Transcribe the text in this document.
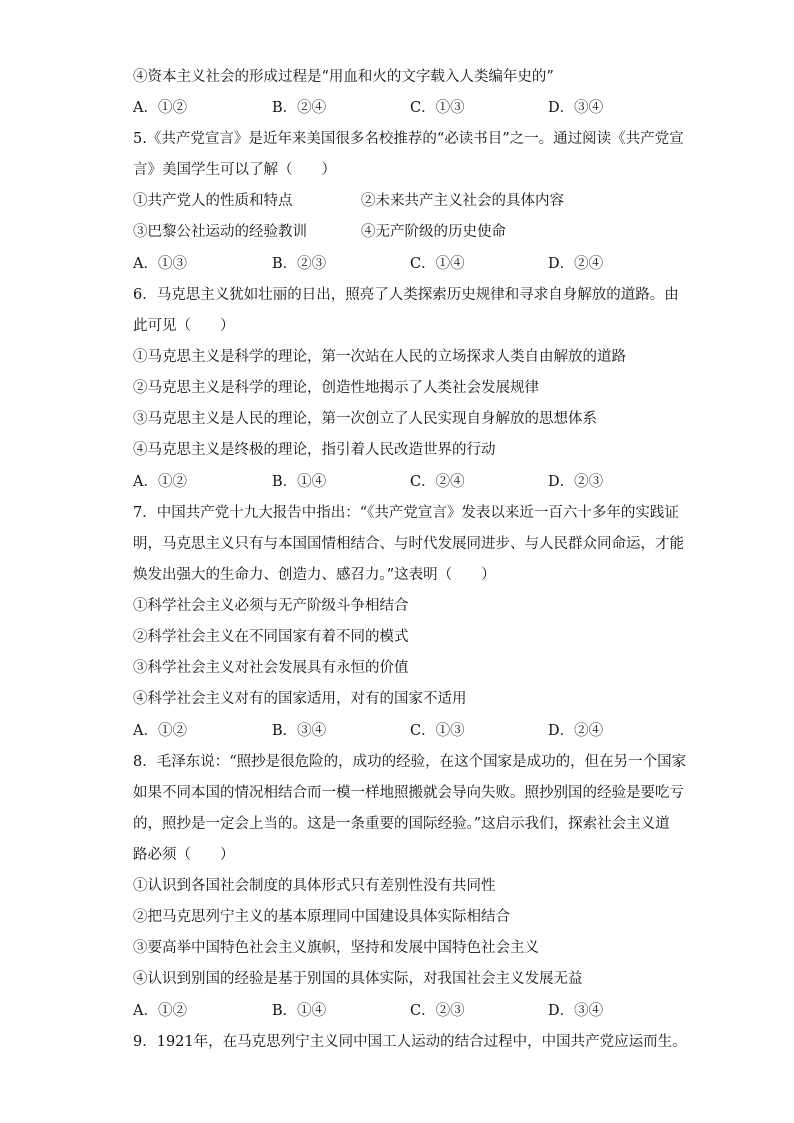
④资本主义社会的形成过程是“用血和火的文字载入人类编年史的”
A．①②	B．②④	C．①③	D．③④
5.《共产党宣言》是近年来美国很多名校推荐的“必读书目”之一。通过阅读《共产党宣
言》美国学生可以了解（　　）
①共产党人的性质和特点	②未来共产主义社会的具体内容
③巴黎公社运动的经验教训	④无产阶级的历史使命
A．①③	B．②③	C．①④	D．②④
6．马克思主义犹如壮丽的日出，照亮了人类探索历史规律和寻求自身解放的道路。由
此可见（　　）
①马克思主义是科学的理论，第一次站在人民的立场探求人类自由解放的道路
②马克思主义是科学的理论，创造性地揭示了人类社会发展规律
③马克思主义是人民的理论，第一次创立了人民实现自身解放的思想体系
④马克思主义是终极的理论，指引着人民改造世界的行动
A．①②	B．①④	C．②④	D．②③
7．中国共产党十九大报告中指出：“《共产党宣言》发表以来近一百六十多年的实践证
明，马克思主义只有与本国国情相结合、与时代发展同进步、与人民群众同命运，才能
焕发出强大的生命力、创造力、感召力。”这表明（　　）
①科学社会主义必须与无产阶级斗争相结合
②科学社会主义在不同国家有着不同的模式
③科学社会主义对社会发展具有永恒的价值
④科学社会主义对有的国家适用，对有的国家不适用
A．①②	B．③④	C．①③	D．②④
8．毛泽东说：“照抄是很危险的，成功的经验，在这个国家是成功的，但在另一个国家
如果不同本国的情况相结合而一模一样地照搬就会导向失败。照抄别国的经验是要吃亏
的，照抄是一定会上当的。这是一条重要的国际经验。”这启示我们，探索社会主义道
路必须（　　）
①认识到各国社会制度的具体形式只有差别性没有共同性
②把马克思列宁主义的基本原理同中国建设具体实际相结合
③要高举中国特色社会主义旗帜，坚持和发展中国特色社会主义
④认识到别国的经验是基于别国的具体实际，对我国社会主义发展无益
A．①②	B．①④	C．②③	D．③④
9．1921年，在马克思列宁主义同中国工人运动的结合过程中，中国共产党应运而生。
